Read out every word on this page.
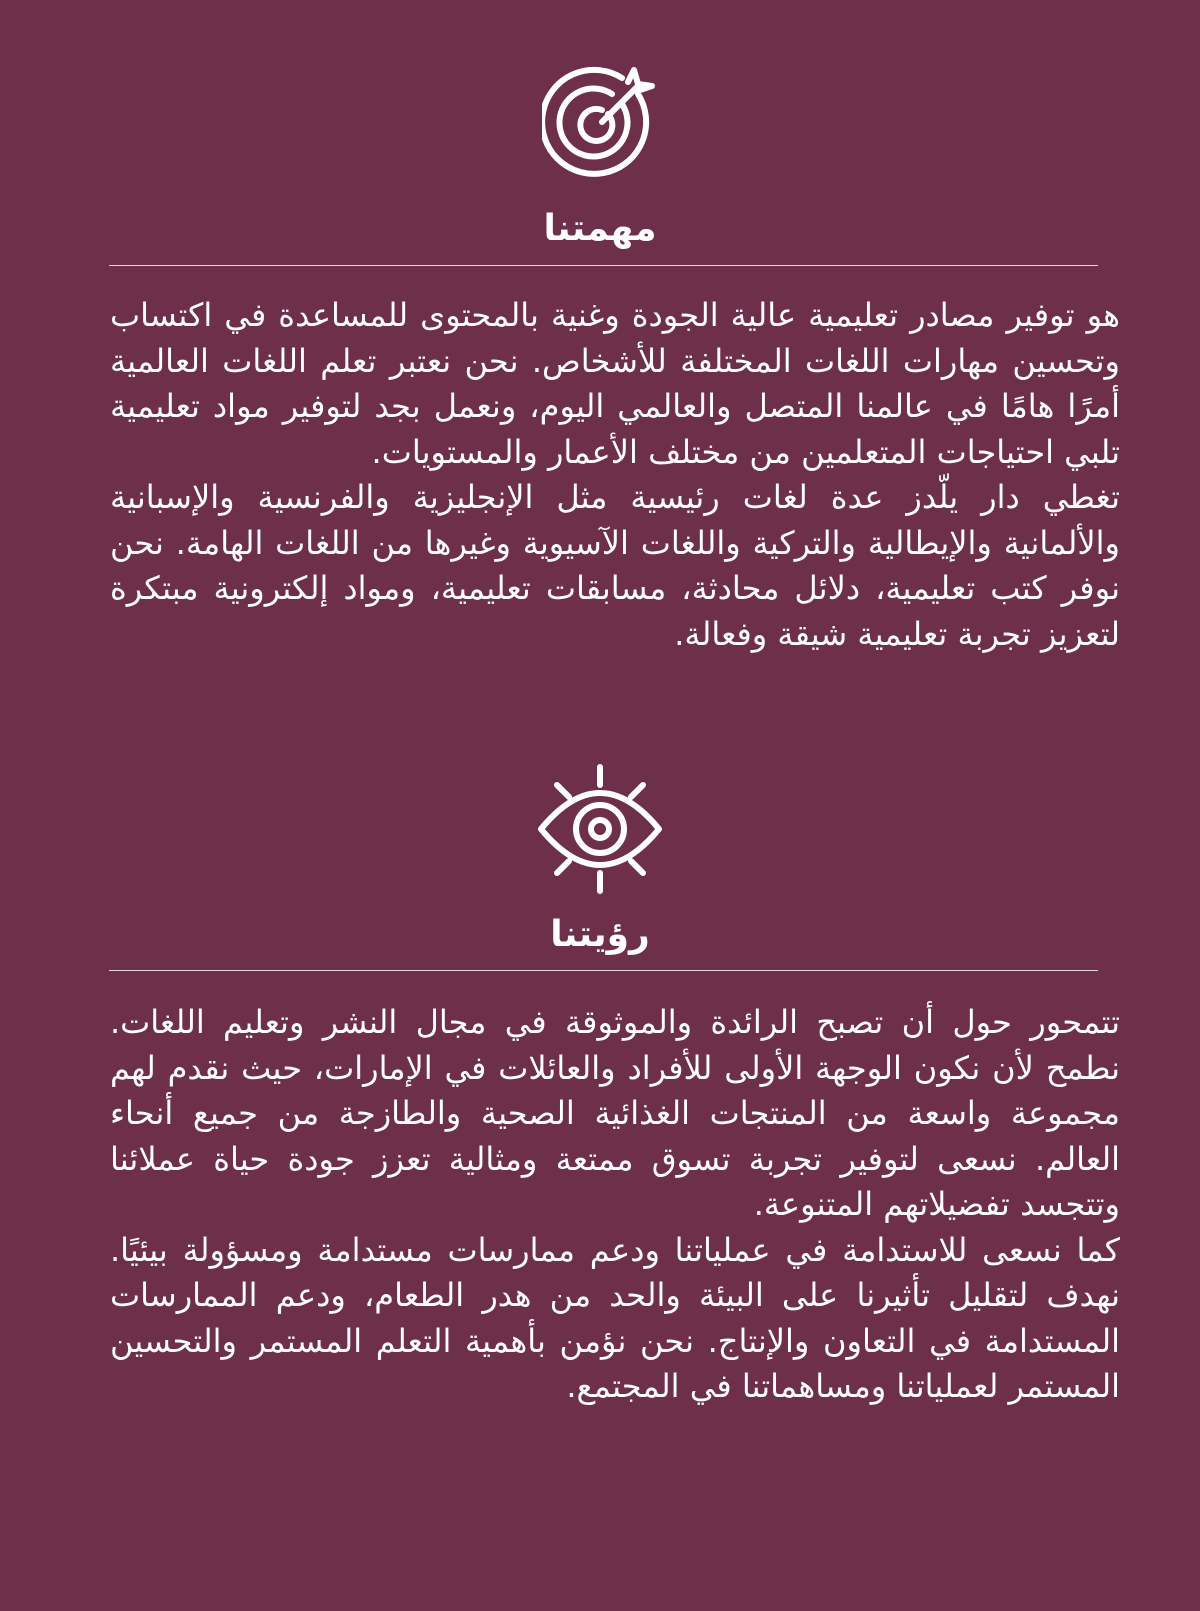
مهمتنا

هو توفير مصادر تعليمية عالية الجودة وغنية بالمحتوى للمساعدة في اكتساب وتحسين مهارات اللغات المختلفة للأشخاص. نحن نعتبر تعلم اللغات العالمية أمرًا هامًا في عالمنا المتصل والعالمي اليوم، ونعمل بجد لتوفير مواد تعليمية تلبي احتياجات المتعلمين من مختلف الأعمار والمستويات.

تغطي دار يلّدز عدة لغات رئيسية مثل الإنجليزية والفرنسية والإسبانية والألمانية والإيطالية والتركية واللغات الآسيوية وغيرها من اللغات الهامة. نحن نوفر كتب تعليمية، دلائل محادثة، مسابقات تعليمية، ومواد إلكترونية مبتكرة لتعزيز تجربة تعليمية شيقة وفعالة.

رؤيتنا

تتمحور حول أن تصبح الرائدة والموثوقة في مجال النشر وتعليم اللغات. نطمح لأن نكون الوجهة الأولى للأفراد والعائلات في الإمارات، حيث نقدم لهم مجموعة واسعة من المنتجات الغذائية الصحية والطازجة من جميع أنحاء العالم. نسعى لتوفير تجربة تسوق ممتعة ومثالية تعزز جودة حياة عملائنا وتتجسد تفضيلاتهم المتنوعة.

كما نسعى للاستدامة في عملياتنا ودعم ممارسات مستدامة ومسؤولة بيئيًا. نهدف لتقليل تأثيرنا على البيئة والحد من هدر الطعام، ودعم الممارسات المستدامة في التعاون والإنتاج. نحن نؤمن بأهمية التعلم المستمر والتحسين المستمر لعملياتنا ومساهماتنا في المجتمع.
